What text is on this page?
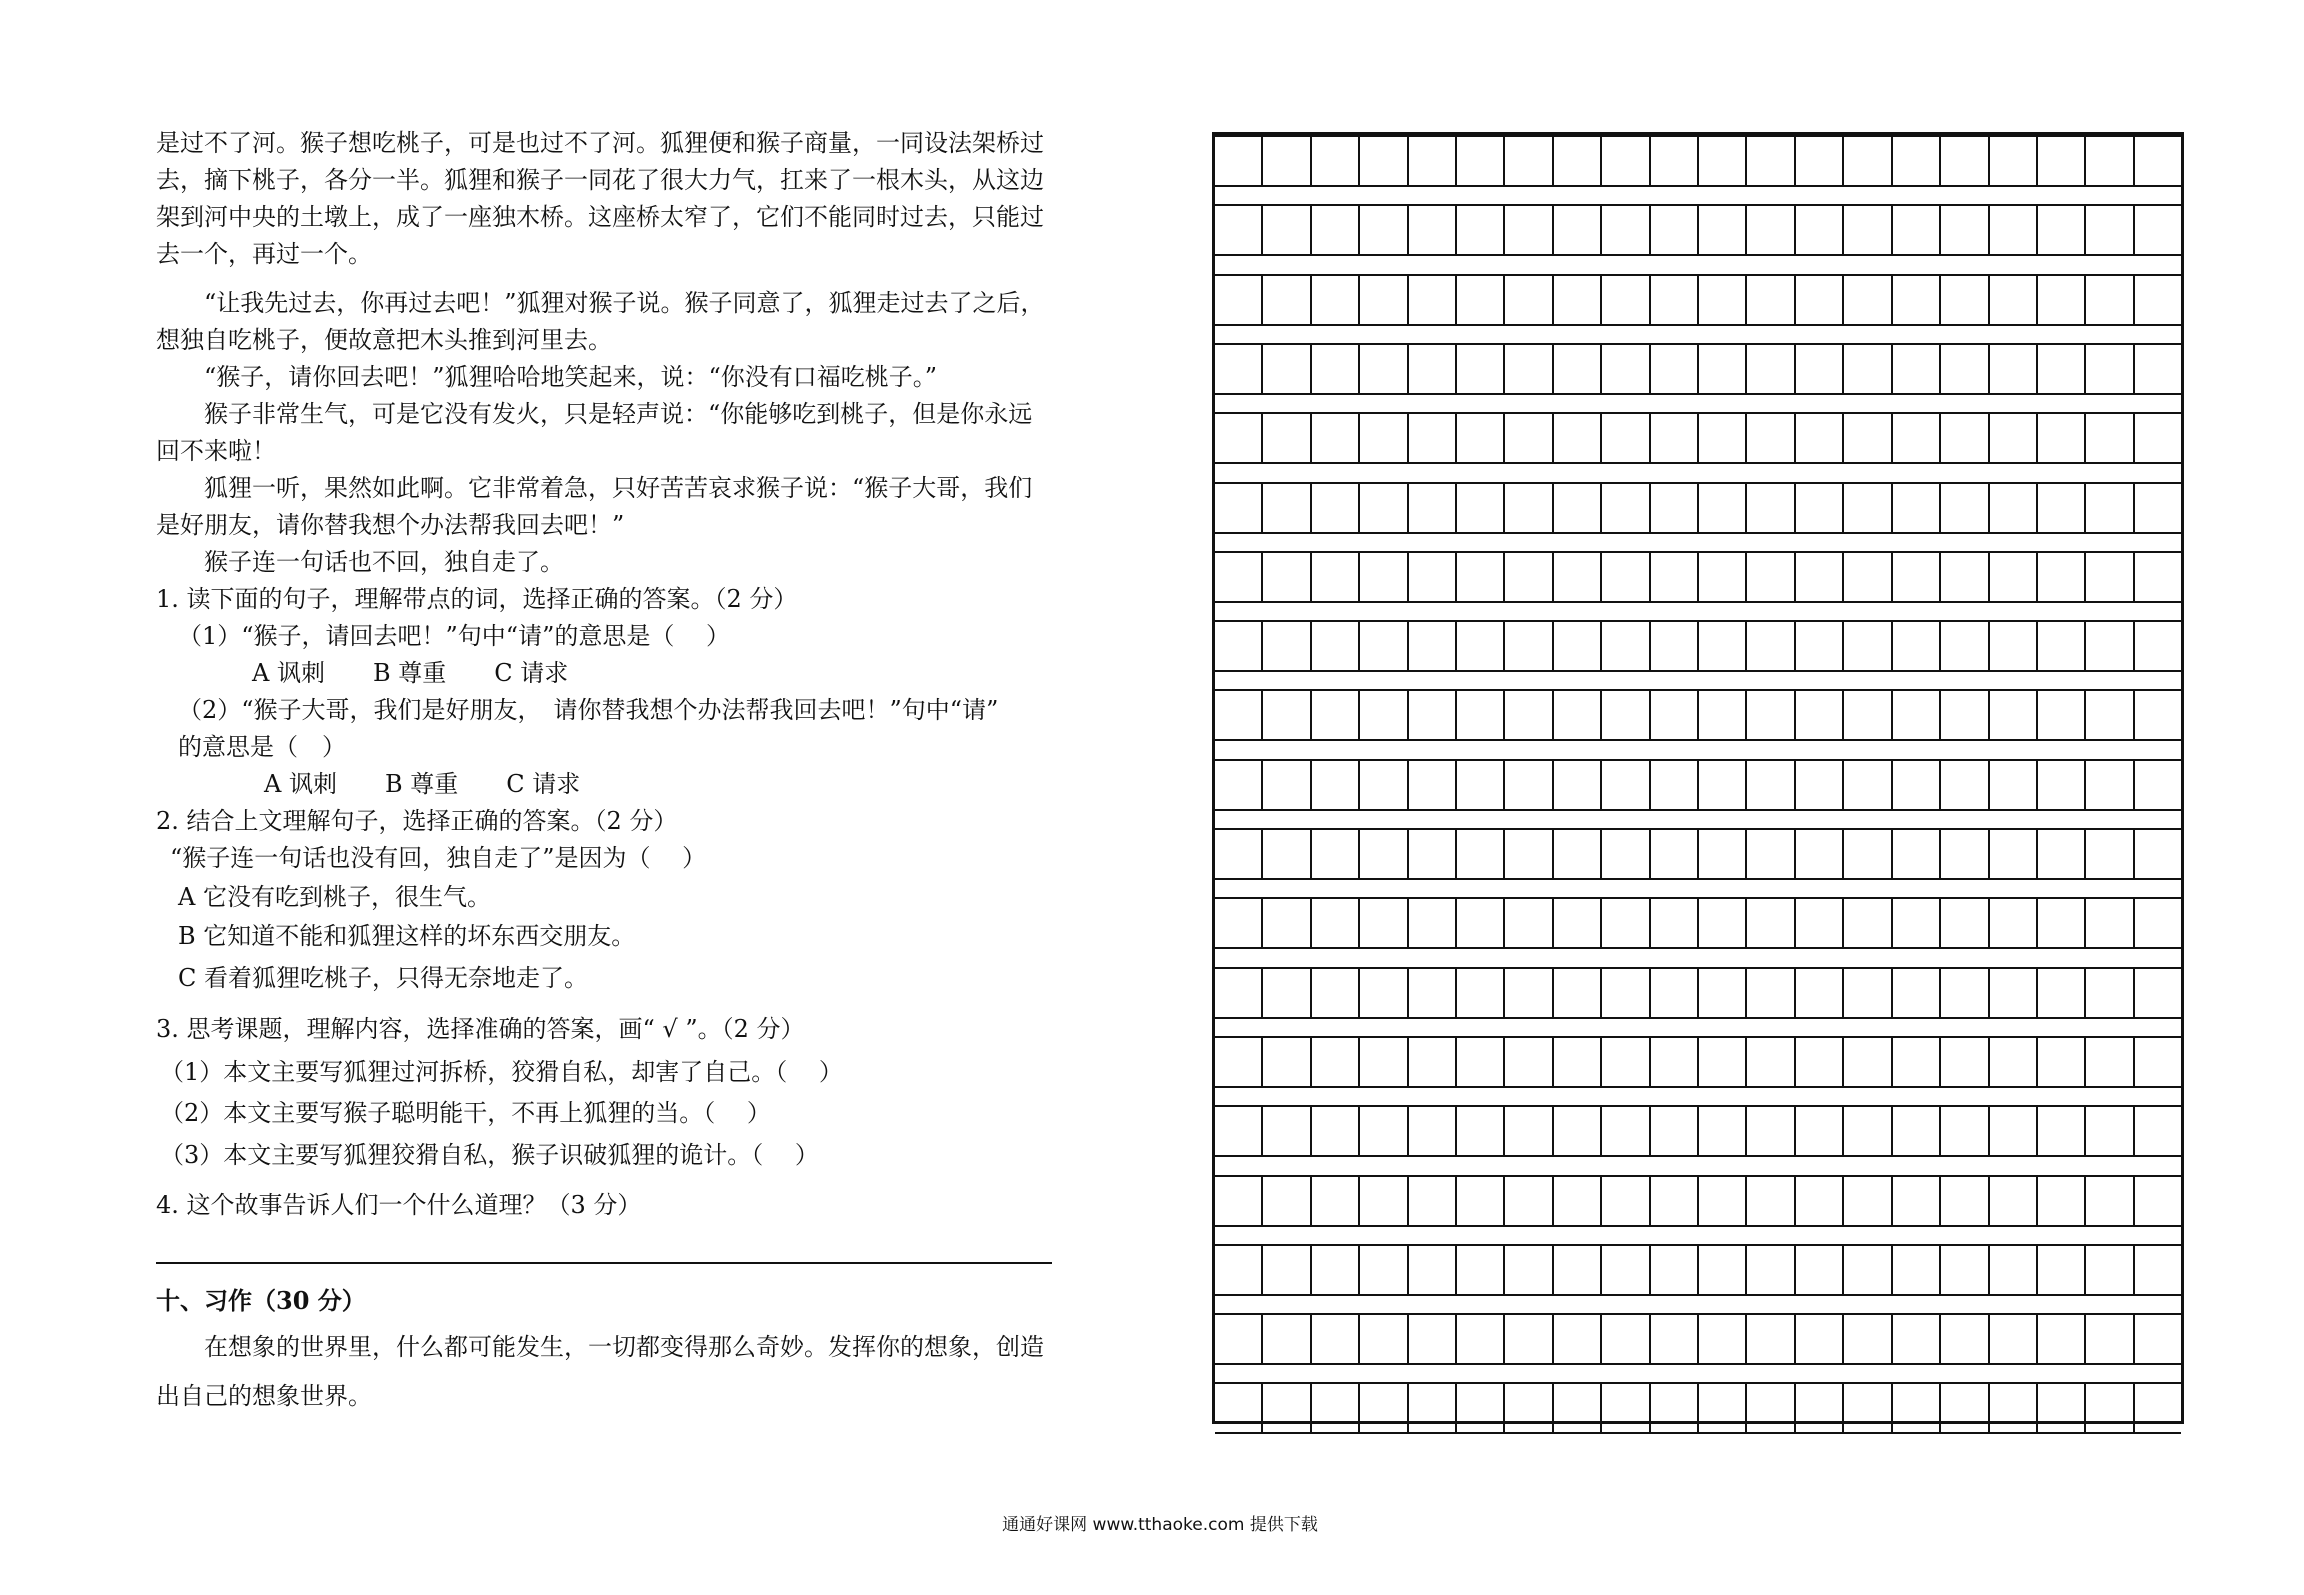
是过不了河。猴子想吃桃子，可是也过不了河。狐狸便和猴子商量，一同设法架桥过
去，摘下桃子，各分一半。狐狸和猴子一同花了很大力气，扛来了一根木头，从这边
架到河中央的土墩上，成了一座独木桥。这座桥太窄了，它们不能同时过去，只能过
去一个，再过一个。
“让我先过去，你再过去吧！”狐狸对猴子说。猴子同意了，狐狸走过去了之后，
想独自吃桃子，便故意把木头推到河里去。
“猴子，请你回去吧！”狐狸哈哈地笑起来，说：“你没有口福吃桃子。”
猴子非常生气，可是它没有发火，只是轻声说：“你能够吃到桃子，但是你永远
回不来啦！
狐狸一听，果然如此啊。它非常着急，只好苦苦哀求猴子说：“猴子大哥，我们
是好朋友，请你替我想个办法帮我回去吧！”
猴子连一句话也不回，独自走了。
1. 读下面的句子，理解带点的词，选择正确的答案。（2 分）
（1）“猴子，请回去吧！”句中“请”的意思是（　 ）
A 讽刺　　B 尊重　　C 请求
（2）“猴子大哥，我们是好朋友，　请你替我想个办法帮我回去吧！”句中“请”
的意思是（　）
A 讽刺　　B 尊重　　C 请求
2. 结合上文理解句子，选择正确的答案。（2 分）
“猴子连一句话也没有回，独自走了”是因为（　 ）
A 它没有吃到桃子，很生气。
B 它知道不能和狐狸这样的坏东西交朋友。
C 看着狐狸吃桃子，只得无奈地走了。
3. 思考课题，理解内容，选择准确的答案，画“ √ ”。（2 分）
（1）本文主要写狐狸过河拆桥，狡猾自私，却害了自己。（　 ）
（2）本文主要写猴子聪明能干，不再上狐狸的当。（　 ）
（3）本文主要写狐狸狡猾自私，猴子识破狐狸的诡计。（　 ）
4. 这个故事告诉人们一个什么道理？（3 分）
十、习作（30 分）
在想象的世界里，什么都可能发生，一切都变得那么奇妙。发挥你的想象，创造
出自己的想象世界。
通通好课网 www.tthaoke.com 提供下载
